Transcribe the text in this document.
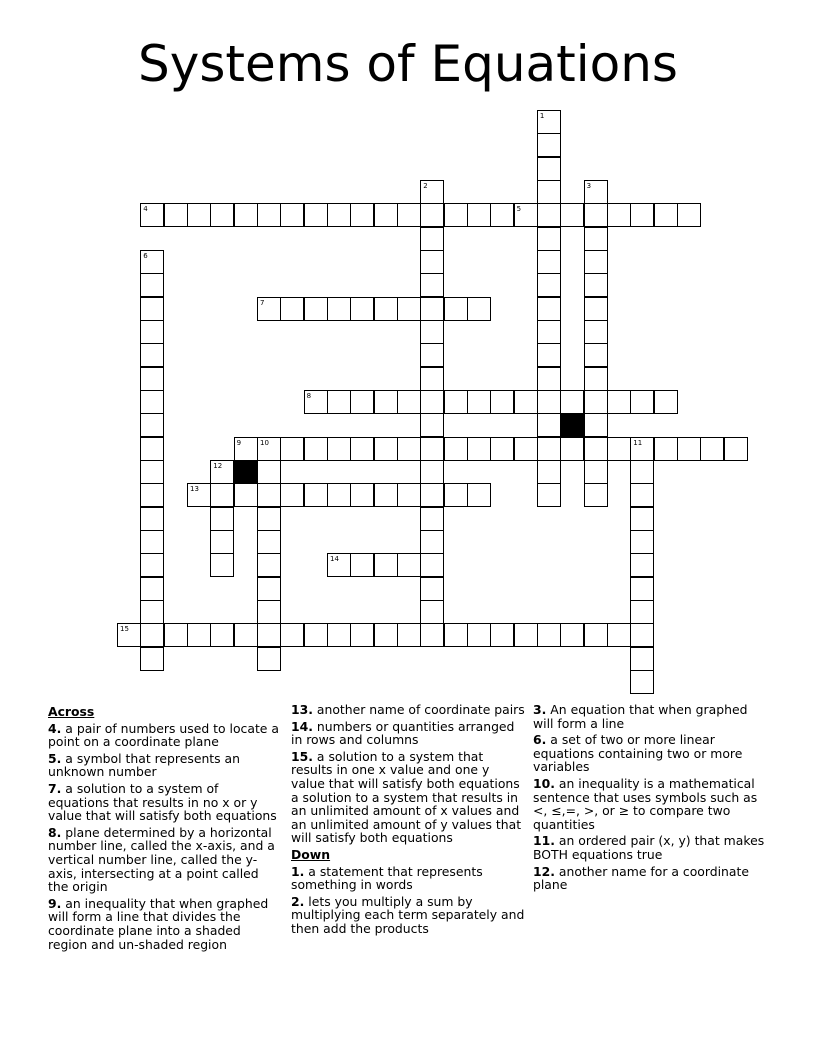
Systems of Equations
1
2	3
4	5
6
7
8
9	10	11
12
13
14
15
Across
4. a pair of numbers used to locate a point on a coordinate plane
5. a symbol that represents an unknown number
7. a solution to a system of equations that results in no x or y value that will satisfy both equations
8. plane determined by a horizontal number line, called the x-axis, and a vertical number line, called the y-axis, intersecting at a point called the origin
9. an inequality that when graphed will form a line that divides the coordinate plane into a shaded region and un-shaded region
13. another name of coordinate pairs
14. numbers or quantities arranged in rows and columns
15. a solution to a system that results in one x value and one y value that will satisfy both equations a solution to a system that results in an unlimited amount of x values and an unlimited amount of y values that will satisfy both equations
Down
1. a statement that represents something in words
2. lets you multiply a sum by multiplying each term separately and then add the products
3. An equation that when graphed will form a line
6. a set of two or more linear equations containing two or more variables
10. an inequality is a mathematical sentence that uses symbols such as <, ≤,=, >, or ≥ to compare two quantities
11. an ordered pair (x, y) that makes BOTH equations true
12. another name for a coordinate plane
